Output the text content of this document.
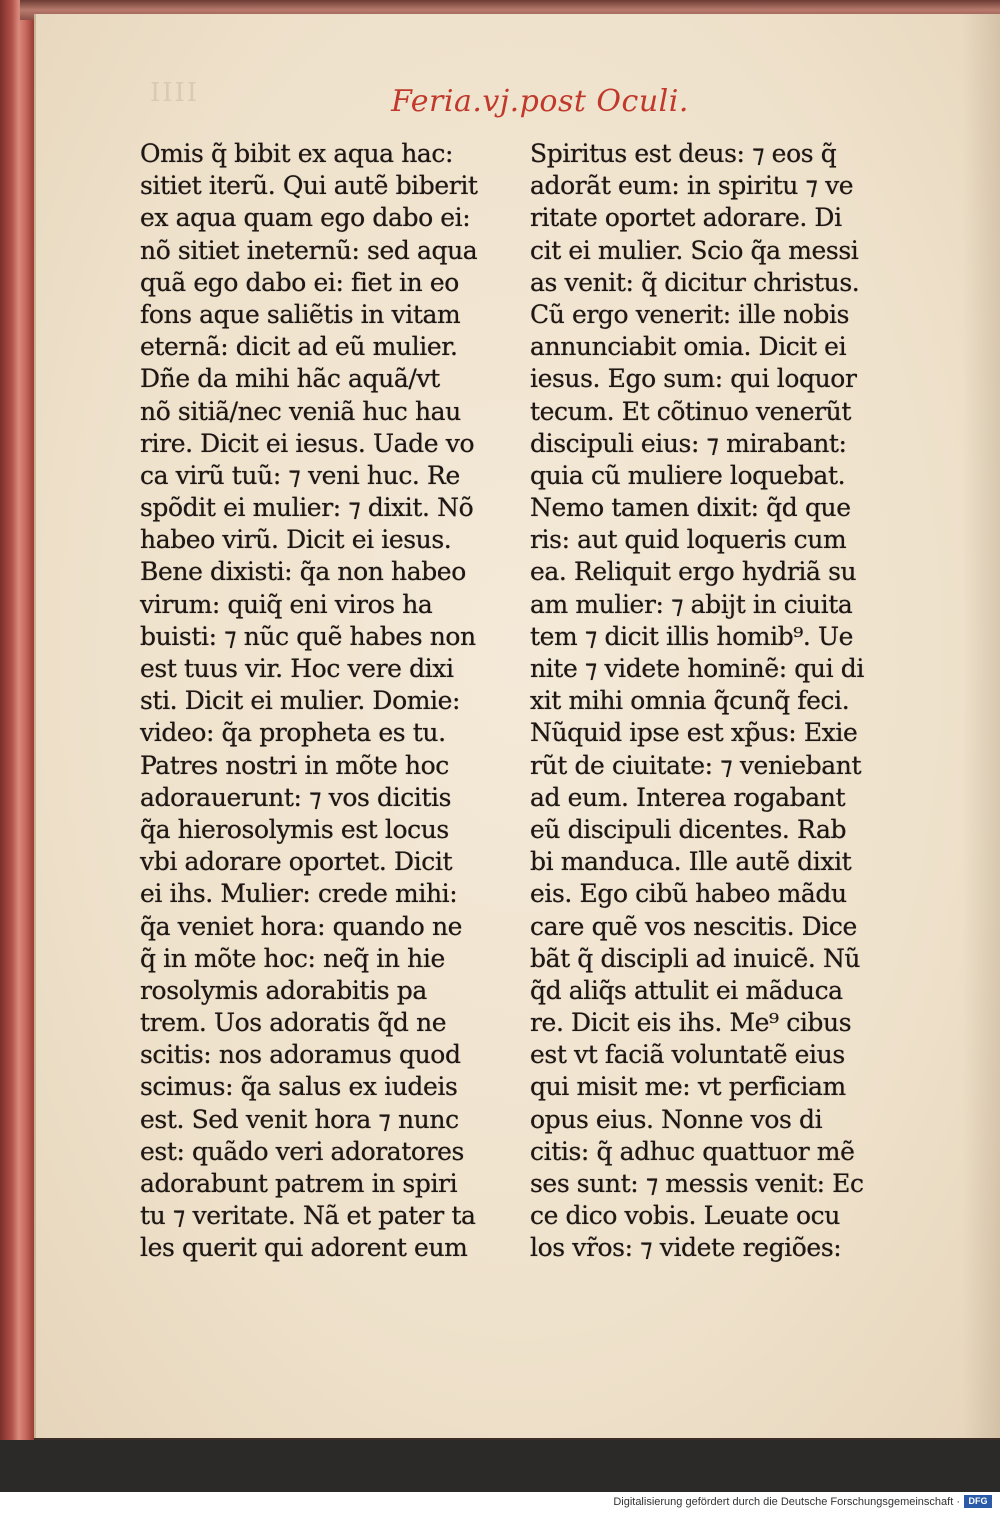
IIII	Feria.vj.post Oculi.
Omis q̃ bibit ex aqua hac:
sitiet iterũ. Qui autẽ biberit
ex aqua quam ego dabo ei:
nõ sitiet ineternũ: sed aqua
quã ego dabo ei: fiet in eo
fons aque saliẽtis in vitam
eternã: dicit ad eũ mulier.
Dñe da mihi hãc aquã/vt
nõ sitiã/nec veniã huc hau
rire. Dicit ei iesus. Uade vo
ca virũ tuũ: ⁊ veni huc. Re
spõdit ei mulier: ⁊ dixit. Nõ
habeo virũ. Dicit ei iesus.
Bene dixisti: q̃a non habeo
virum: quiq̃ eni viros ha
buisti: ⁊ nũc quẽ habes non
est tuus vir. Hoc vere dixi
sti. Dicit ei mulier. Domie:
video: q̃a propheta es tu.
Patres nostri in mõte hoc
adorauerunt: ⁊ vos dicitis
q̃a hierosolymis est locus
vbi adorare oportet. Dicit
ei ihs. Mulier: crede mihi:
q̃a veniet hora: quando ne
q̃ in mõte hoc: neq̃ in hie
rosolymis adorabitis pa
trem. Uos adoratis q̃d ne
scitis: nos adoramus quod
scimus: q̃a salus ex iudeis
est. Sed venit hora ⁊ nunc
est: quãdo veri adoratores
adorabunt patrem in spiri
tu ⁊ veritate. Nã et pater ta
les querit qui adorent eum
Spiritus est deus: ⁊ eos q̃
adorãt eum: in spiritu ⁊ ve
ritate oportet adorare. Di
cit ei mulier. Scio q̃a messi
as venit: q̃ dicitur christus.
Cũ ergo venerit: ille nobis
annunciabit omia. Dicit ei
iesus. Ego sum: qui loquor
tecum. Et cõtinuo venerũt
discipuli eius: ⁊ mirabant:
quia cũ muliere loquebat.
Nemo tamen dixit: q̃d que
ris: aut quid loqueris cum
ea. Reliquit ergo hydriã su
am mulier: ⁊ abijt in ciuita
tem ⁊ dicit illis homib⁹. Ue
nite ⁊ videte hominẽ: qui di
xit mihi omnia q̃cunq̃ feci.
Nũquid ipse est xp̃us: Exie
rũt de ciuitate: ⁊ veniebant
ad eum. Interea rogabant
eũ discipuli dicentes. Rab
bi manduca. Ille autẽ dixit
eis. Ego cibũ habeo mãdu
care quẽ vos nescitis. Dice
bãt q̃ discipli ad inuicẽ. Nũ
q̃d aliq̃s attulit ei mãduca
re. Dicit eis ihs. Me⁹ cibus
est vt faciã voluntatẽ eius
qui misit me: vt perficiam
opus eius. Nonne vos di
citis: q̃ adhuc quattuor mẽ
ses sunt: ⁊ messis venit: Ec
ce dico vobis. Leuate ocu
los vr̃os: ⁊ videte regiões:
Digitalisierung gefördert durch die Deutsche Forschungsgemeinschaft · DFG
